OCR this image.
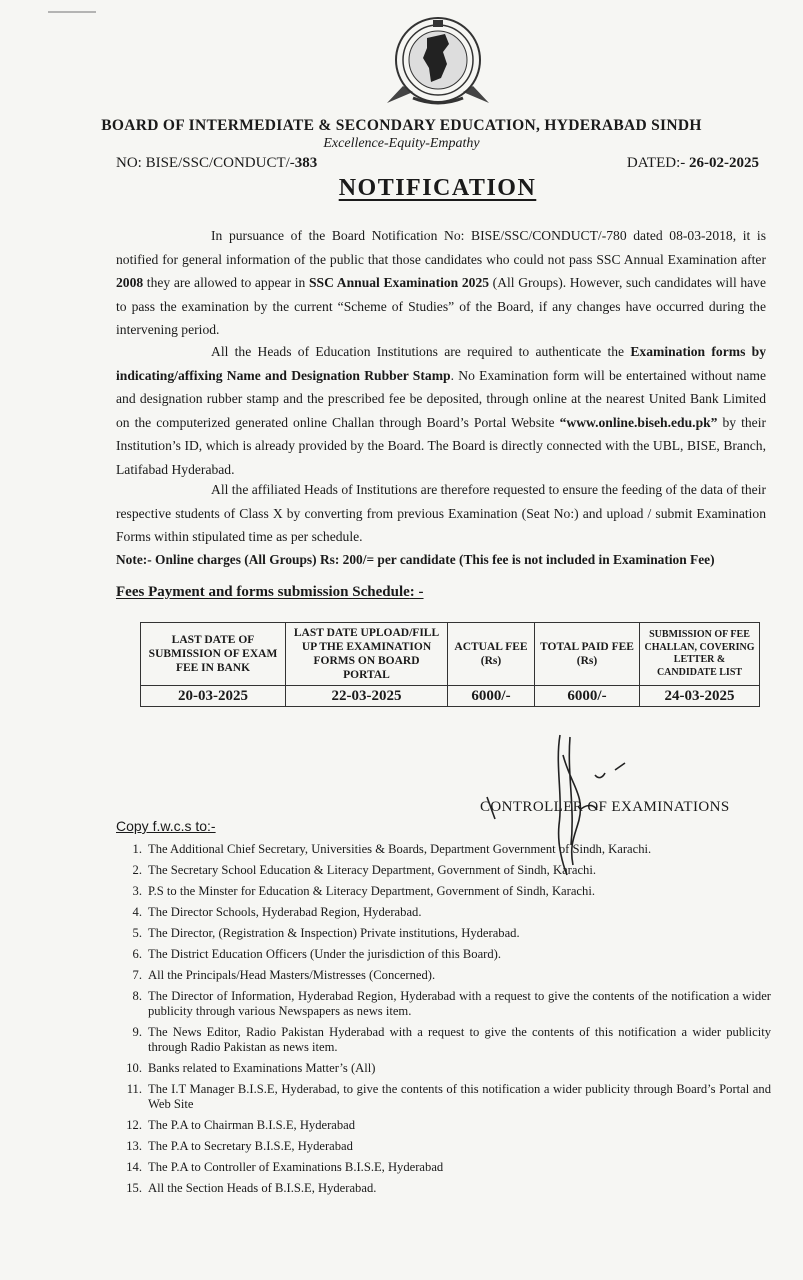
BOARD OF INTERMEDIATE & SECONDARY EDUCATION, HYDERABAD SINDH
Excellence-Equity-Empathy
NO: BISE/SSC/CONDUCT/-383	DATED:- 26-02-2025
NOTIFICATION
In pursuance of the Board Notification No: BISE/SSC/CONDUCT/-780 dated 08-03-2018, it is notified for general information of the public that those candidates who could not pass SSC Annual Examination after 2008 they are allowed to appear in SSC Annual Examination 2025 (All Groups). However, such candidates will have to pass the examination by the current “Scheme of Studies” of the Board, if any changes have occurred during the intervening period.
All the Heads of Education Institutions are required to authenticate the Examination forms by indicating/affixing Name and Designation Rubber Stamp. No Examination form will be entertained without name and designation rubber stamp and the prescribed fee be deposited, through online at the nearest United Bank Limited on the computerized generated online Challan through Board’s Portal Website “www.online.biseh.edu.pk” by their Institution’s ID, which is already provided by the Board. The Board is directly connected with the UBL, BISE, Branch, Latifabad Hyderabad.
All the affiliated Heads of Institutions are therefore requested to ensure the feeding of the data of their respective students of Class X by converting from previous Examination (Seat No:) and upload / submit Examination Forms within stipulated time as per schedule.
Note:- Online charges (All Groups) Rs: 200/= per candidate (This fee is not included in Examination Fee)
Fees Payment and forms submission Schedule: -
LAST DATE OF SUBMISSION OF EXAM FEE IN BANK	LAST DATE UPLOAD/FILL UP THE EXAMINATION FORMS ON BOARD PORTAL	ACTUAL FEE (Rs)	TOTAL PAID FEE (Rs)	SUBMISSION OF FEE CHALLAN, COVERING LETTER & CANDIDATE LIST
20-03-2025	22-03-2025	6000/-	6000/-	24-03-2025
CONTROLLER OF EXAMINATIONS
Copy f.w.c.s to:-
1. The Additional Chief Secretary, Universities & Boards, Department Government of Sindh, Karachi.
2. The Secretary School Education & Literacy Department, Government of Sindh, Karachi.
3. P.S to the Minster for Education & Literacy Department, Government of Sindh, Karachi.
4. The Director Schools, Hyderabad Region, Hyderabad.
5. The Director, (Registration & Inspection) Private institutions, Hyderabad.
6. The District Education Officers (Under the jurisdiction of this Board).
7. All the Principals/Head Masters/Mistresses (Concerned).
8. The Director of Information, Hyderabad Region, Hyderabad with a request to give the contents of the notification a wider publicity through various Newspapers as news item.
9. The News Editor, Radio Pakistan Hyderabad with a request to give the contents of this notification a wider publicity through Radio Pakistan as news item.
10. Banks related to Examinations Matter’s (All)
11. The I.T Manager B.I.S.E, Hyderabad, to give the contents of this notification a wider publicity through Board’s Portal and Web Site
12. The P.A to Chairman B.I.S.E, Hyderabad
13. The P.A to Secretary B.I.S.E, Hyderabad
14. The P.A to Controller of Examinations B.I.S.E, Hyderabad
15. All the Section Heads of B.I.S.E, Hyderabad.
